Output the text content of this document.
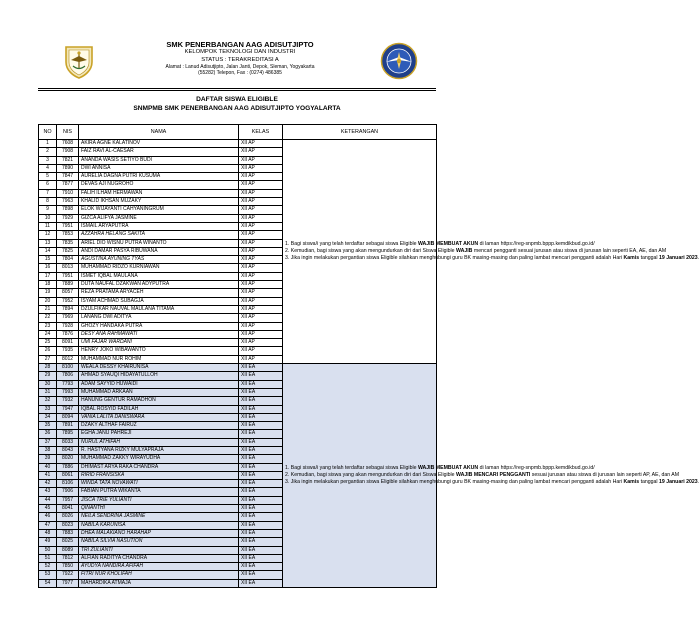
SMK PENERBANGAN AAG ADISUTJIPTO
KELOMPOK TEKNOLOGI DAN INDUSTRI
STATUS : TERAKREDITASI A
Alamat : Lanud Adisutjipto, Jalan Janti, Depok, Sleman, Yogyakarta
(55282) Telepon, Fax : (0274) 486385
DAFTAR SISWA ELIGIBLE
SNMPMB SMK PENERBANGAN AAG ADISUTJIPTO YOGYALARTA
NO	NIS	NAMA	KELAS	KETERANGAN
1	7608	AKIRA AGNE KALATINOV	XII AP	1. Bagi siswa/i yang telah terdaftar sebagai siswa Eligible WAJIB MEMBUAT AKUN di laman https://reg-snpmb.bppp.kemdikbud.go.id/

2. Kemudian, bagi siswa yang akan mengundurkan diri dari Siswa Eligible WAJIB mencari pengganti sesuai jurusan atau siswa di jurusan lain seperti EA, AE, dan AM

3. Jika ingin melakukan pergantian siswa Eligible silahkan menghubungi guru BK masing-masing dan paling lambat mencari pengganti adalah Hari Kamis tanggal 19 Januari 2023.

2	7908	FAIZ RAVI AL-CAESAR	XII AP	
3	7821	ANANDA WASIS SETIYO BUDI	XII AP	
4	7890	DWI ANNISA	XII AP	
5	7847	AURELIA DAGNA PUTRI KUSUMA	XII AP	
6	7877	DEVAS AJI NUGROHO	XII AP	
7	7910	FALIH ILHAM HERMAWAN	XII AP	
8	7963	KHALID IKHSAN MUZAKY	XII AP	
9	7898	ELOK WIJAYANTI CAHYANINGRUM	XII AP	
10	7929	GIZCA ALIFYA JASMINE	XII AP	
11	7951	ISMAIL ARYAPUTRA	XII AP	
12	7853	AZZAHRA HELANG SAKITA	XII AP	
13	7835	ARIEL DIO WISNU PUTRA WINANTO	XII AP	
14	7825	ANDI DAMAR PASYA RIBUWANA	XII AP	
15	7804	AGUSTINA AYUNING TYAS	XII AP	
16	8013	MUHAMMAD RIDZO KURNIAWAN	XII AP	
17	7951	ISMET IQBAL MAULANA	XII AP	
18	7889	DUTA NAUFAL DZAKWAN ADYPUTRA	XII AP	
19	8057	REZA PRATAMA ARYACEH	XII AP	
20	7952	ISYAM ACHMAD SUBAGJA	XII AP	
21	7894	DZULFIKAR NAUVAL MAULANA TITAMA	XII AP	
22	7969	LANANG DWI ADITYA	XII AP	
23	7928	GHOZY HANDAKA PUTRA	XII AP	
24	7876	DESY ANA RAHMAWATI	XII AP	
25	8091	UMI FAJAR WARDANI	XII AP	
26	7935	HENRY JOKO WIBAWANTO	XII AP	
27	8012	MUHAMMAD NUR ROHIM	XII AP	
28	8100	WEALA DESSY KHAIRUNISA	XII EA	1. Bagi siswa/i yang telah terdaftar sebagai siswa Eligible WAJIB MEMBUAT AKUN di laman https://reg-snpmb.bppp.kemdikbud.go.id/

2. Kemudian, bagi siswa yang akan mengundurkan diri dari Siswa Eligible WAJIB MENCARI PENGGANTI sesuai jurusan atau siswa di jurusan lain seperti AP, AE, dan AM

3. Jika ingin melakukan pergantian siswa Eligible silahkan menghubungi guru BK masing-masing dan paling lambat mencari pengganti adalah Hari Kamis tanggal 19 Januari 2023.

29	7806	AHMAD SYAUQI HIDAYATULLOH	XII EA	
30	7793	ADAM SAYYID HUWAIDI	XII EA	
31	7993	MUHAMMAD ARKAAN	XII EA	
32	7932	HANUNG GENTUR RAMADHON	XII EA	
33	7947	IQBAL ROSYID FADILAH	XII EA	
34	8094	VANIA LALITA DANISWARA	XII EA	
35	7891	DZAKY ALTHAF FAIRUZ	XII EA	
36	7895	EGHA JANU PAHREJI	XII EA	
37	8033	NURUL ATHIFAH	XII EA	
38	8043	R. HASTYANA RIZKY MULYAPRAJA	XII EA	
39	8020	MUHAMMAD ZAKKY WIRAYUDHA	XII EA	
40	7886	DHIMAST ARYA RAKA CHANDRA	XII EA	
41	8061	RIRID FRANSISKA	XII EA	
42	8106	WINDA TATA NOVAWATI	XII EA	
43	7906	FABIAN PUTRA WIKANTA	XII EA	
44	7957	JISCA TRIE YULIANTI	XII EA	
45	8041	QINANTHI	XII EA	
46	8026	NEILA SENDRINA JASMINE	XII EA	
47	8023	NABILA KARUNISA	XII EA	
48	7883	DHEA MALAKIANO HARAHAP	XII EA	
49	8025	NABILA SILVIA NASUTION	XII EA	
50	8089	TRI ZULIANTI	XII EA	
51	7812	ALFIAN RADITYA CHANDRA	XII EA	
52	7850	AYUDYA NANDIRA AFIFAH	XII EA	
53	7922	FITRI NUR KHOLIFAH	XII EA	
54	7977	MAHARDIKA ATMAJA	XII EA	
